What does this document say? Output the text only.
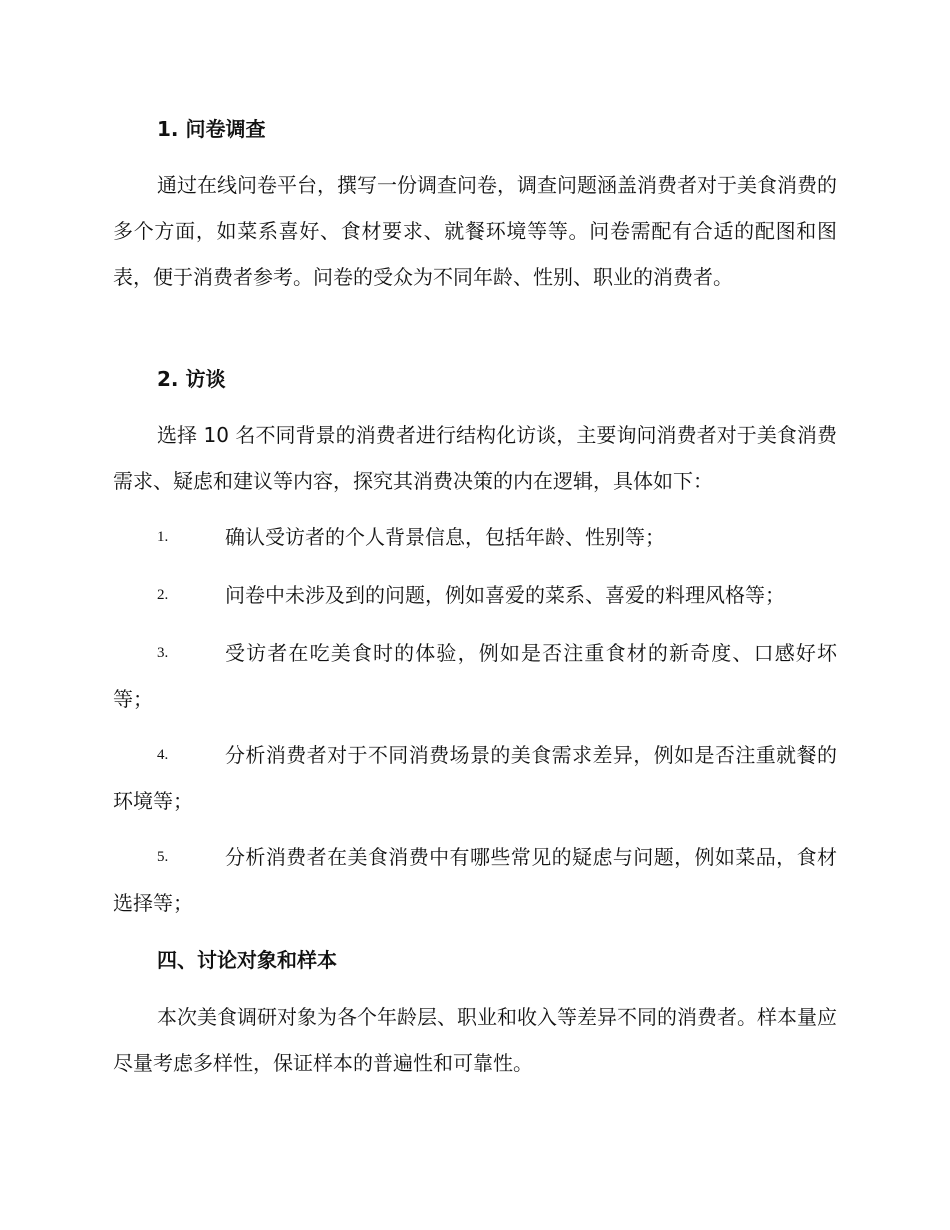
1. 问卷调查
通过在线问卷平台，撰写一份调查问卷，调查问题涵盖消费者对于美食消费的多个方面，如菜系喜好、食材要求、就餐环境等等。问卷需配有合适的配图和图表，便于消费者参考。问卷的受众为不同年龄、性别、职业的消费者。
2. 访谈
选择 10 名不同背景的消费者进行结构化访谈，主要询问消费者对于美食消费需求、疑虑和建议等内容，探究其消费决策的内在逻辑，具体如下：
1.	确认受访者的个人背景信息，包括年龄、性别等；
2.	问卷中未涉及到的问题，例如喜爱的菜系、喜爱的料理风格等；
3.	受访者在吃美食时的体验，例如是否注重食材的新奇度、口感好坏等；
4.	分析消费者对于不同消费场景的美食需求差异，例如是否注重就餐的环境等；
5.	分析消费者在美食消费中有哪些常见的疑虑与问题，例如菜品，食材选择等；
四、讨论对象和样本
本次美食调研对象为各个年龄层、职业和收入等差异不同的消费者。样本量应尽量考虑多样性，保证样本的普遍性和可靠性。
